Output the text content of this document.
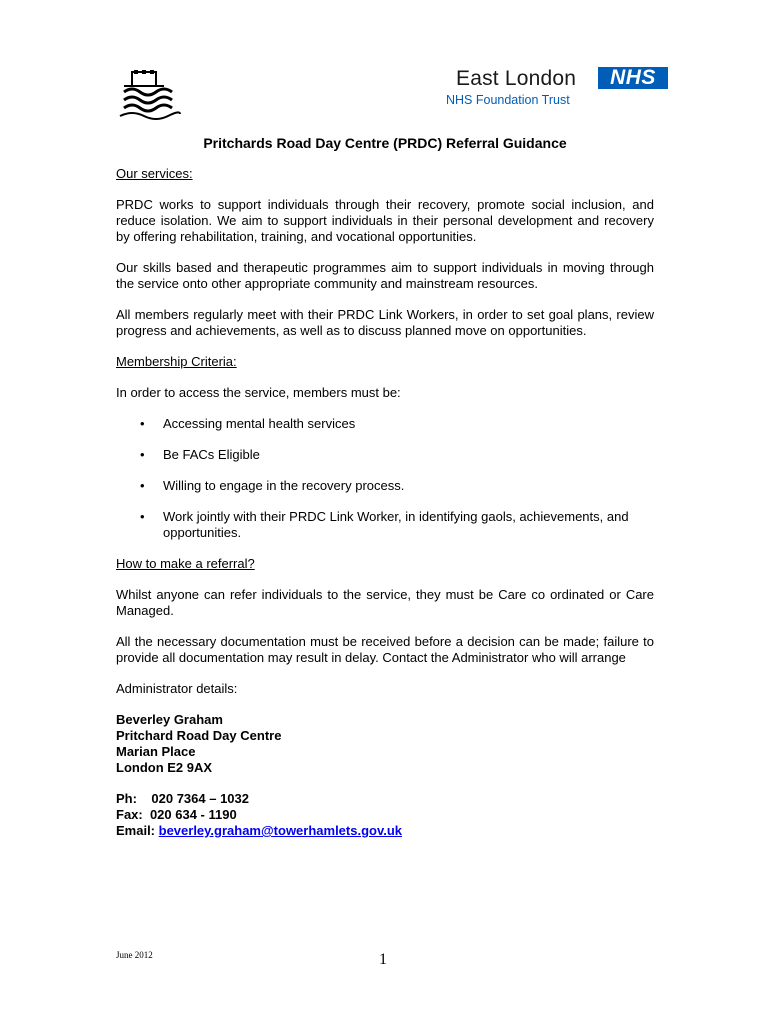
East London	NHS
NHS Foundation Trust
Pritchards Road Day Centre (PRDC) Referral Guidance
Our services:

PRDC works to support individuals through their recovery, promote social inclusion, and reduce isolation. We aim to support individuals in their personal development and recovery by offering rehabilitation, training, and vocational opportunities.

Our skills based and therapeutic programmes aim to support individuals in moving through the service onto other appropriate community and mainstream resources.

All members regularly meet with their PRDC Link Workers, in order to set goal plans, review progress and achievements, as well as to discuss planned move on opportunities.

Membership Criteria:

In order to access the service, members must be:

• Accessing mental health services
• Be FACs Eligible
• Willing to engage in the recovery process.
• Work jointly with their PRDC Link Worker, in identifying gaols, achievements, and opportunities.
How to make a referral?

Whilst anyone can refer individuals to the service, they must be Care co ordinated or Care Managed.

All the necessary documentation must be received before a decision can be made; failure to provide all documentation may result in delay. Contact the Administrator who will arrange

Administrator details:

Beverley Graham
Pritchard Road Day Centre
Marian Place
London E2 9AX
Ph:    020 7364 – 1032
Fax:  020 634 - 1190
Email: beverley.graham@towerhamlets.gov.uk
June 2012	1
